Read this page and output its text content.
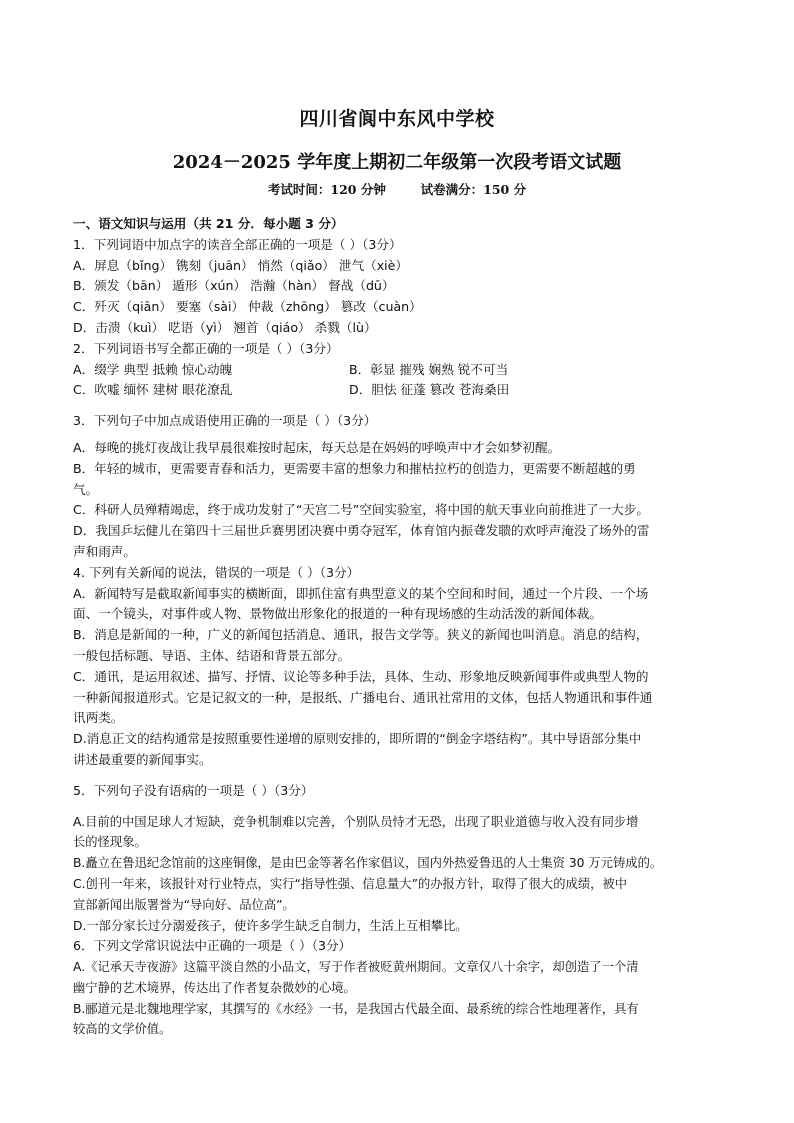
四川省阆中东风中学校
2024－2025 学年度上期初二年级第一次段考语文试题
考试时间：120 分钟	试卷满分：150 分

一、语文知识与运用（共 21 分．每小题 3 分）

1．下列词语中加点字的读音全部正确的一项是（ ）（3分）

A．屏息（bǐng） 镌刻（juān） 悄然（qiǎo） 泄气（xiè）

B．颁发（bān） 遁形（xún） 浩瀚（hàn） 督战（dū）

C．歼灭（qiān） 要塞（sài） 仲裁（zhōng） 篡改（cuàn）

D．击溃（kuì） 呓语（yì） 翘首（qiáo） 杀戮（lù）

2．下列词语书写全都正确的一项是（ ）（3分）

A．缀学 典型 抵赖 惊心动魄	B．彰显 摧残 娴熟 锐不可当
C．吹嘘 缅怀 建树 眼花潦乱	D．胆怯 征蓬 篡改 苍海桑田

3．下列句子中加点成语使用正确的一项是（ ）（3分）

A．每晚的挑灯夜战让我早晨很难按时起床，每天总是在妈妈的呼唤声中才会如梦初醒。

B．年轻的城市，更需要青春和活力，更需要丰富的想象力和摧枯拉朽的创造力，更需要不断超越的勇

气。

C．科研人员殚精竭虑，终于成功发射了“天宫二号”空间实验室，将中国的航天事业向前推进了一大步。

D．我国乒坛健儿在第四十三届世乒赛男团决赛中勇夺冠军，体育馆内振聋发聩的欢呼声淹没了场外的雷

声和雨声。

4. 下列有关新闻的说法，错误的一项是（ ）（3分）

A．新闻特写是截取新闻事实的横断面，即抓住富有典型意义的某个空间和时间，通过一个片段、一个场

面、一个镜头，对事件或人物、景物做出形象化的报道的一种有现场感的生动活泼的新闻体裁。

B．消息是新闻的一种，广义的新闻包括消息、通讯，报告文学等。狭义的新闻也叫消息。消息的结构，

一般包括标题、导语、主体、结语和背景五部分。

C．通讯，是运用叙述、描写、抒情、议论等多种手法，具体、生动、形象地反映新闻事件或典型人物的

一种新闻报道形式。它是记叙文的一种，是报纸、广播电台、通讯社常用的文体，包括人物通讯和事件通

讯两类。

D.消息正文的结构通常是按照重要性递增的原则安排的，即所谓的“倒金字塔结构”。其中导语部分集中

讲述最重要的新闻事实。

5．下列句子没有语病的一项是（ ）（3分）

A.目前的中国足球人才短缺，竞争机制难以完善，个别队员恃才无恐，出现了职业道德与收入没有同步增

长的怪现象。

B.矗立在鲁迅纪念馆前的这座铜像，是由巴金等著名作家倡议，国内外热爱鲁迅的人士集资 30 万元铸成的。

C.创刊一年来，该报针对行业特点，实行“指导性强、信息量大”的办报方针，取得了很大的成绩，被中

宣部新闻出版署誉为“导向好、品位高”。

D.一部分家长过分溺爱孩子，使许多学生缺乏自制力，生活上互相攀比。

6．下列文学常识说法中正确的一项是（ ）（3分）

A.《记承天寺夜游》这篇平淡自然的小品文，写于作者被贬黄州期间。文章仅八十余字，却创造了一个清

幽宁静的艺术境界，传达出了作者复杂微妙的心境。

B.郦道元是北魏地理学家，其撰写的《水经》一书，是我国古代最全面、最系统的综合性地理著作，具有

较高的文学价值。
